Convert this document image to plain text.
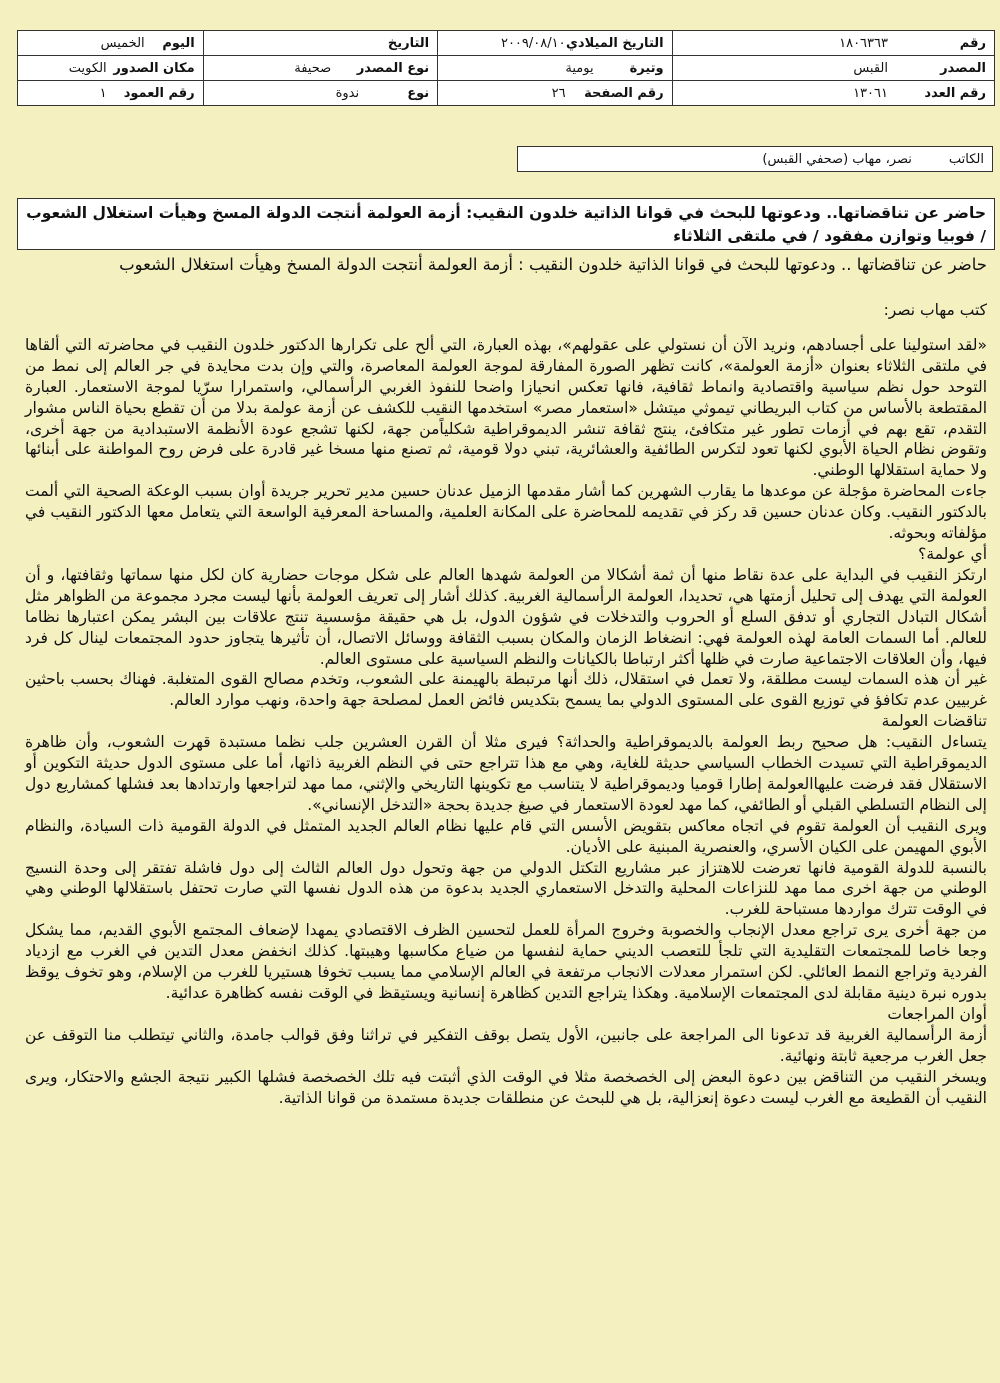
رقم١٨٠٦٣٦٣	التاريخ الميلادي٢٠٠٩/٠٨/١٠	التاريخ	اليومالخميس
المصدرالقبس	وتيرةيومية	نوع المصدرصحيفة	مكان الصدورالكويت
رقم العدد١٣٠٦١	رقم الصفحة٢٦	نوعندوة	رقم العمود١
الكاتب نصر، مهاب (صحفي القبس)
حاضر عن تناقضاتها.. ودعوتها للبحث في قوانا الذاتية خلدون النقيب: أزمة العولمة أنتجت الدولة المسخ وهيأت استغلال الشعوب / فوبيا وتوازن مفقود / في ملتقى الثلاثاء
حاضر عن تناقضاتها .. ودعوتها للبحث في قوانا الذاتية خلدون النقيب : أزمة العولمة أنتجت الدولة المسخ وهيأت استغلال الشعوب

كتب مهاب نصر:

«لقد استولينا على أجسادهم، ونريد الآن أن نستولي على عقولهم»، بهذه العبارة، التي ألح على تكرارها الدكتور خلدون النقيب في محاضرته التي ألقاها في ملتقى الثلاثاء بعنوان «أزمة العولمة»، كانت تظهر الصورة المفارقة لموجة العولمة المعاصرة، والتي وإن بدت محايدة في جر العالم إلى نمط من التوحد حول نظم سياسية واقتصادية وانماط ثقافية، فانها تعكس انحيازا واضحا للنفوذ الغربي الرأسمالي، واستمرارا سرّيا لموجة الاستعمار. العبارة المقتطعة بالأساس من كتاب البريطاني تيموثي ميتشل «استعمار مصر» استخدمها النقيب للكشف عن أزمة عولمة بدلا من أن تقطع بحياة الناس مشوار التقدم، تقع بهم في أزمات تطور غير متكافئ، ينتج ثقافة تنشر الديموقراطية شكلياًمن جهة، لكنها تشجع عودة الأنظمة الاستبدادية من جهة أخرى، وتقوض نظام الحياة الأبوي لكنها تعود لتكرس الطائفية والعشائرية، تبني دولا قومية، ثم تصنع منها مسخا غير قادرة على فرض روح المواطنة على أبنائها ولا حماية استقلالها الوطني.

جاءت المحاضرة مؤجلة عن موعدها ما يقارب الشهرين كما أشار مقدمها الزميل عدنان حسين مدير تحرير جريدة أوان بسبب الوعكة الصحية التي ألمت بالدكتور النقيب. وكان عدنان حسين قد ركز في تقديمه للمحاضرة على المكانة العلمية، والمساحة المعرفية الواسعة التي يتعامل معها الدكتور النقيب في مؤلفاته وبحوثه.

أي عولمة؟

ارتكز النقيب في البداية على عدة نقاط منها أن ثمة أشكالا من العولمة شهدها العالم على شكل موجات حضارية كان لكل منها سماتها وثقافتها، و أن العولمة التي يهدف إلى تحليل أزمتها هي، تحديدا، العولمة الرأسمالية الغربية. كذلك أشار إلى تعريف العولمة بأنها ليست مجرد مجموعة من الظواهر مثل أشكال التبادل التجاري أو تدفق السلع أو الحروب والتدخلات في شؤون الدول، بل هي حقيقة مؤسسية تنتج علاقات بين البشر يمكن اعتبارها نظاما للعالم. أما السمات العامة لهذه العولمة فهي: انضغاط الزمان والمكان بسبب الثقافة ووسائل الاتصال، أن تأثيرها يتجاوز حدود المجتمعات لينال كل فرد فيها، وأن العلاقات الاجتماعية صارت في ظلها أكثر ارتباطا بالكيانات والنظم السياسية على مستوى العالم.

غير أن هذه السمات ليست مطلقة، ولا تعمل في استقلال، ذلك أنها مرتبطة بالهيمنة على الشعوب، وتخدم مصالح القوى المتغلبة. فهناك بحسب باحثين غربيين عدم تكافؤ في توزيع القوى على المستوى الدولي بما يسمح بتكديس فائض العمل لمصلحة جهة واحدة، ونهب موارد العالم.

تناقضات العولمة

يتساءل النقيب: هل صحيح ربط العولمة بالديموقراطية والحداثة؟ فيرى مثلا أن القرن العشرين جلب نظما مستبدة قهرت الشعوب، وأن ظاهرة الديموقراطية التي تسيدت الخطاب السياسي حديثة للغاية، وهي مع هذا تتراجع حتى في النظم الغربية ذاتها، أما على مستوى الدول حديثة التكوين أو الاستقلال فقد فرضت عليهاالعولمة إطارا قوميا وديموقراطية لا يتناسب مع تكوينها التاريخي والإثني، مما مهد لتراجعها وارتدادها بعد فشلها كمشاريع دول إلى النظام التسلطي القبلي أو الطائفي، كما مهد لعودة الاستعمار في صيغ جديدة بحجة «التدخل الإنساني».

ويرى النقيب أن العولمة تقوم في اتجاه معاكس بتقويض الأسس التي قام عليها نظام العالم الجديد المتمثل في الدولة القومية ذات السيادة، والنظام الأبوي المهيمن على الكيان الأسري، والعنصرية المبنية على الأديان.

بالنسبة للدولة القومية فانها تعرضت للاهتزاز عبر مشاريع التكتل الدولي من جهة وتحول دول العالم الثالث إلى دول فاشلة تفتقر إلى وحدة النسيج الوطني من جهة اخرى مما مهد للنزاعات المحلية والتدخل الاستعماري الجديد بدعوة من هذه الدول نفسها التي صارت تحتفل باستقلالها الوطني وهي في الوقت تترك مواردها مستباحة للغرب.

من جهة أخرى يرى تراجع معدل الإنجاب والخصوبة وخروج المرأة للعمل لتحسين الظرف الاقتصادي يمهدا لإضعاف المجتمع الأبوي القديم، مما يشكل وجعا خاصا للمجتمعات التقليدية التي تلجأ للتعصب الديني حماية لنفسها من ضياع مكاسبها وهيبتها. كذلك انخفض معدل التدين في الغرب مع ازدياد الفردية وتراجع النمط العائلي. لكن استمرار معدلات الانجاب مرتفعة في العالم الإسلامي مما يسبب تخوفا هستيريا للغرب من الإسلام، وهو تخوف يوقظ بدوره نبرة دينية مقابلة لدى المجتمعات الإسلامية. وهكذا يتراجع التدين كظاهرة إنسانية ويستيقظ في الوقت نفسه كظاهرة عدائية.

أوان المراجعات

أزمة الرأسمالية الغربية قد تدعونا الى المراجعة على جانبين، الأول يتصل بوقف التفكير في تراثنا وفق قوالب جامدة، والثاني تيتطلب منا التوقف عن جعل الغرب مرجعية ثابتة ونهائية.

ويسخر النقيب من التناقض بين دعوة البعض إلى الخصخصة مثلا في الوقت الذي أثبتت فيه تلك الخصخصة فشلها الكبير نتيجة الجشع والاحتكار، ويرى النقيب أن القطيعة مع الغرب ليست دعوة إنعزالية، بل هي للبحث عن منطلقات جديدة مستمدة من قوانا الذاتية.
